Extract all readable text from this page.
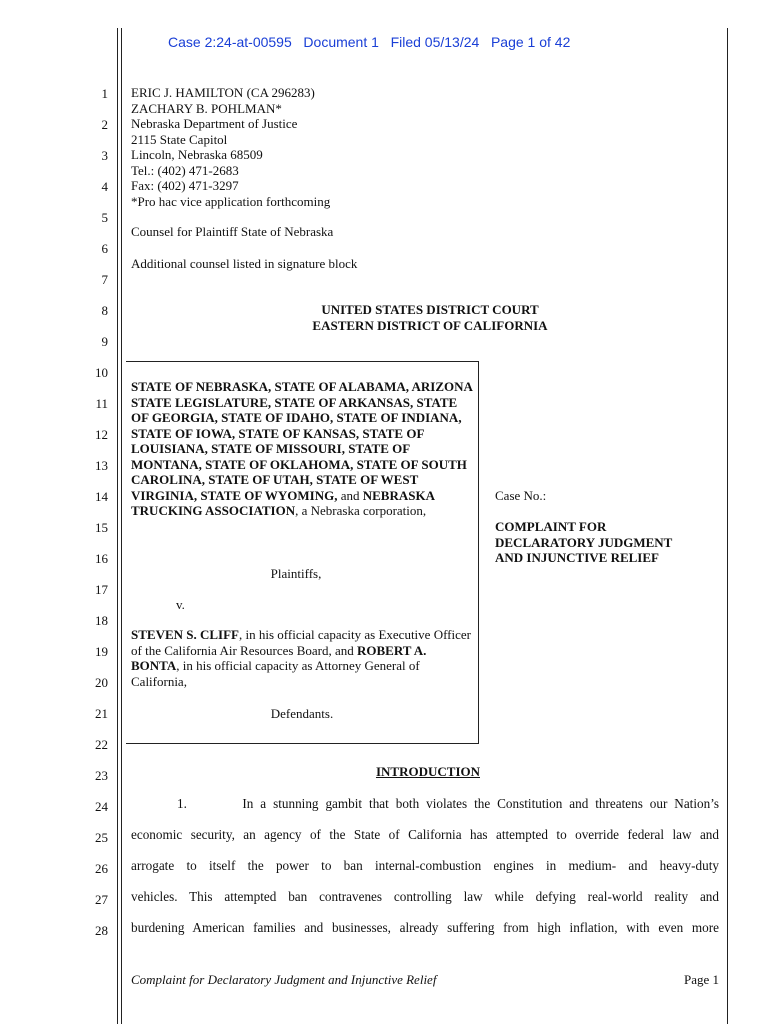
Case 2:24-at-00595   Document 1   Filed 05/13/24   Page 1 of 42
1
2
3
4
5
6
7
8
9
10
11
12
13
14
15
16
17
18
19
20
21
22
23
24
25
26
27
28
ERIC J. HAMILTON (CA 296283)
ZACHARY B. POHLMAN*
Nebraska Department of Justice
2115 State Capitol
Lincoln, Nebraska 68509
Tel.: (402) 471-2683
Fax: (402) 471-3297
*Pro hac vice application forthcoming
Counsel for Plaintiff State of Nebraska
Additional counsel listed in signature block
UNITED STATES DISTRICT COURT
EASTERN DISTRICT OF CALIFORNIA
STATE OF NEBRASKA, STATE OF ALABAMA, ARIZONA STATE LEGISLATURE, STATE OF ARKANSAS, STATE OF GEORGIA, STATE OF IDAHO, STATE OF INDIANA, STATE OF IOWA, STATE OF KANSAS, STATE OF LOUISIANA, STATE OF MISSOURI, STATE OF MONTANA, STATE OF OKLAHOMA, STATE OF SOUTH CAROLINA, STATE OF UTAH, STATE OF WEST VIRGINIA, STATE OF WYOMING, and NEBRASKA TRUCKING ASSOCIATION, a Nebraska corporation,
Plaintiffs,
v.
STEVEN S. CLIFF, in his official capacity as Executive Officer of the California Air Resources Board, and ROBERT A. BONTA, in his official capacity as Attorney General of California,
Defendants.
Case No.:
COMPLAINT FOR
DECLARATORY JUDGMENT
AND INJUNCTIVE RELIEF
INTRODUCTION
1.        In a stunning gambit that both violates the Constitution and threatens our Nation’s
economic security, an agency of the State of California has attempted to override federal law and
arrogate to itself the power to ban internal-combustion engines in medium- and heavy-duty
vehicles. This attempted ban contravenes controlling law while defying real-world reality and
burdening American families and businesses, already suffering from high inflation, with even more
Complaint for Declaratory Judgment and Injunctive Relief	Page 1
